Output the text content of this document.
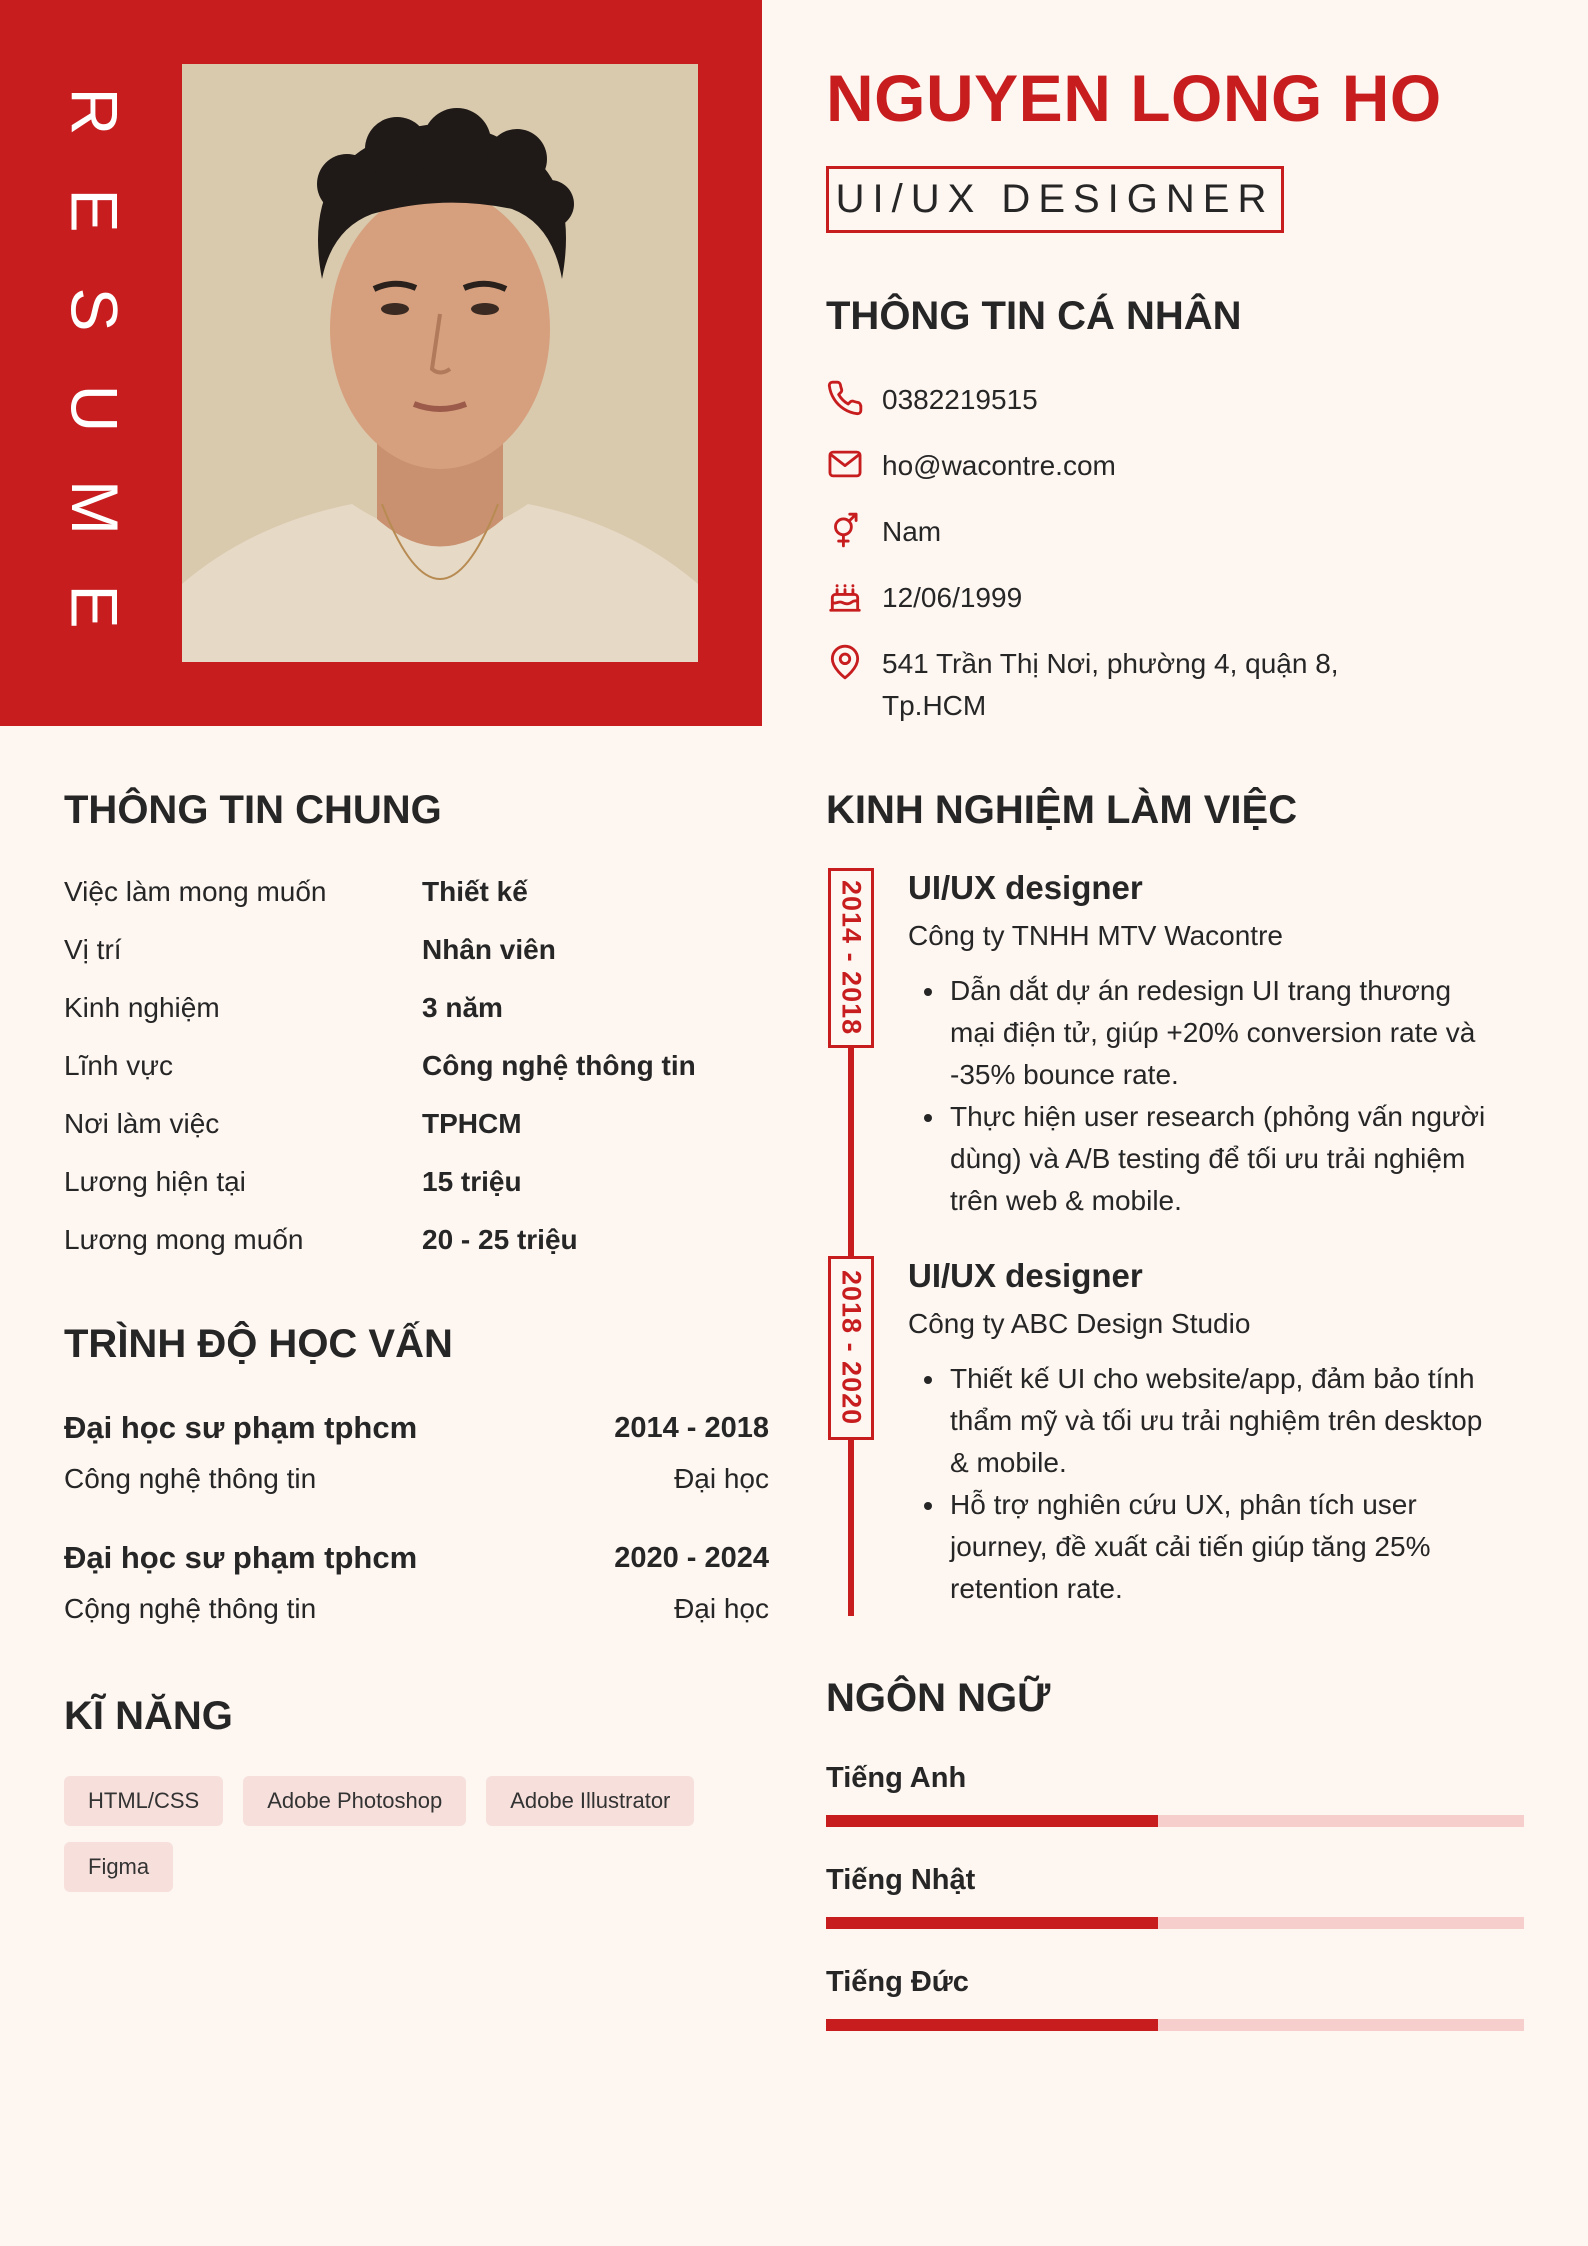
R
E
S
U
M
E
NGUYEN LONG HO
UI/UX DESIGNER
THÔNG TIN CÁ NHÂN
0382219515
ho@wacontre.com
Nam
12/06/1999
541 Trần Thị Nơi, phường 4, quận 8,
Tp.HCM
THÔNG TIN CHUNG
Việc làm mong muốn	Thiết kế
Vị trí	Nhân viên
Kinh nghiệm	3 năm
Lĩnh vực	Công nghệ thông tin
Nơi làm việc	TPHCM
Lương hiện tại	15 triệu
Lương mong muốn	20 - 25 triệu
TRÌNH ĐỘ HỌC VẤN
Đại học sư phạm tphcm	2014 - 2018
Công nghệ thông tin	Đại học
Đại học sư phạm tphcm	2020 - 2024
Cộng nghệ thông tin	Đại học
KĨ NĂNG
HTML/CSS	Adobe Photoshop	Adobe Illustrator
Figma
KINH NGHIỆM LÀM VIỆC
2014 - 2018
2018 - 2020
UI/UX designer
Công ty TNHH MTV Wacontre
Dẫn dắt dự án redesign UI trang thương
mại điện tử, giúp +20% conversion rate và
-35% bounce rate.
Thực hiện user research (phỏng vấn người
dùng) và A/B testing để tối ưu trải nghiệm
trên web & mobile.
UI/UX designer
Công ty ABC Design Studio
Thiết kế UI cho website/app, đảm bảo tính
thẩm mỹ và tối ưu trải nghiệm trên desktop
& mobile.
Hỗ trợ nghiên cứu UX, phân tích user
journey, đề xuất cải tiến giúp tăng 25%
retention rate.
NGÔN NGỮ
Tiếng Anh
Tiếng Nhật
Tiếng Đức
